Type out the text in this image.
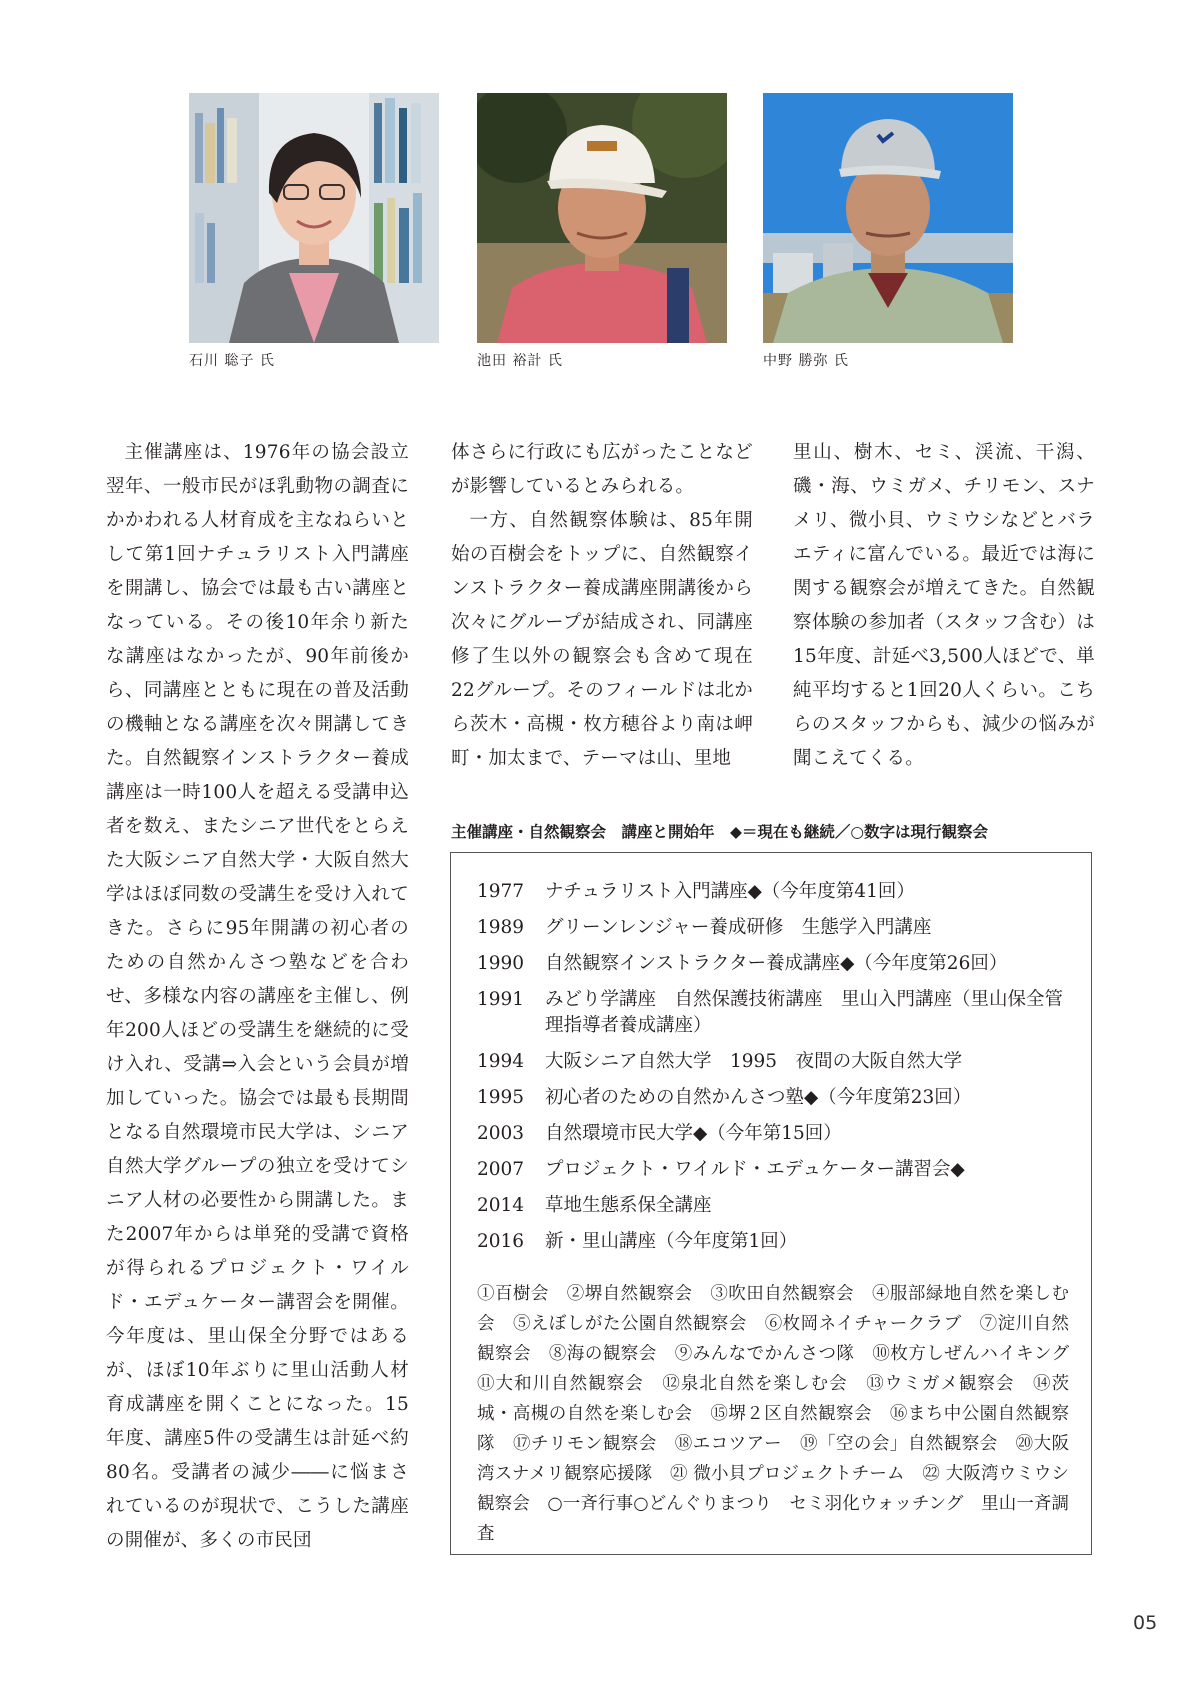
石川 聡子 氏	池田 裕計 氏	中野 勝弥 氏

主催講座は、1976年の協会設立翌年、一般市民がほ乳動物の調査にかかわれる人材育成を主なねらいとして第1回ナチュラリスト入門講座を開講し、協会では最も古い講座となっている。その後10年余り新たな講座はなかったが、90年前後から、同講座とともに現在の普及活動の機軸となる講座を次々開講してきた。自然観察インストラクター養成講座は一時100人を超える受講申込者を数え、またシニア世代をとらえた大阪シニア自然大学・大阪自然大学はほぼ同数の受講生を受け入れてきた。さらに95年開講の初心者のための自然かんさつ塾などを合わせ、多様な内容の講座を主催し、例年200人ほどの受講生を継続的に受け入れ、受講⇒入会という会員が増加していった。協会では最も長期間となる自然環境市民大学は、シニア自然大学グループの独立を受けてシニア人材の必要性から開講した。また2007年からは単発的受講で資格が得られるプロジェクト・ワイルド・エデュケーター講習会を開催。今年度は、里山保全分野ではあるが、ほぼ10年ぶりに里山活動人材育成講座を開くことになった。15年度、講座5件の受講生は計延べ約80名。受講者の減少――に悩まされているのが現状で、こうした講座の開催が、多くの市民団

体さらに行政にも広がったことなどが影響しているとみられる。

一方、自然観察体験は、85年開始の百樹会をトップに、自然観察インストラクター養成講座開講後から次々にグループが結成され、同講座修了生以外の観察会も含めて現在22グループ。そのフィールドは北から茨木・高槻・枚方穂谷より南は岬町・加太まで、テーマは山、里地

里山、樹木、セミ、渓流、干潟、磯・海、ウミガメ、チリモン、スナメリ、微小貝、ウミウシなどとバラエティに富んでいる。最近では海に関する観察会が増えてきた。自然観察体験の参加者（スタッフ含む）は15年度、計延べ3,500人ほどで、単純平均すると1回20人くらい。こちらのスタッフからも、減少の悩みが聞こえてくる。

主催講座・自然観察会　講座と開始年　◆＝現在も継続／○数字は現行観察会
1977	ナチュラリスト入門講座◆（今年度第41回）
1989	グリーンレンジャー養成研修　生態学入門講座
1990	自然観察インストラクター養成講座◆（今年度第26回）
1991	みどり学講座　自然保護技術講座　里山入門講座（里山保全管理指導者養成講座）
1994	大阪シニア自然大学　1995　夜間の大阪自然大学
1995	初心者のための自然かんさつ塾◆（今年度第23回）
2003	自然環境市民大学◆（今年第15回）
2007	プロジェクト・ワイルド・エデュケーター講習会◆
2014	草地生態系保全講座
2016	新・里山講座（今年度第1回）
①百樹会　 ②堺自然観察会　 ③吹田自然観察会　 ④服部緑地自然を楽しむ会　 ⑤えぼしがた公園自然観察会　 ⑥枚岡ネイチャークラブ　 ⑦淀川自然観察会　 ⑧海の観察会　 ⑨みんなでかんさつ隊　 ⑩枚方しぜんハイキング　⑪大和川自然観察会　 ⑫泉北自然を楽しむ会　 ⑬ウミガメ観察会　 ⑭茨城・高槻の自然を楽しむ会　 ⑮堺２区自然観察会　 ⑯まち中公園自然観察隊　 ⑰チリモン観察会　 ⑱エコツアー　 ⑲「空の会」自然観察会　 ⑳大阪湾スナメリ観察応援隊　 ㉑ 微小貝プロジェクトチーム　 ㉒ 大阪湾ウミウシ観察会　 ○一斉行事○どんぐりまつり　 セミ羽化ウォッチング　 里山一斉調査
05
